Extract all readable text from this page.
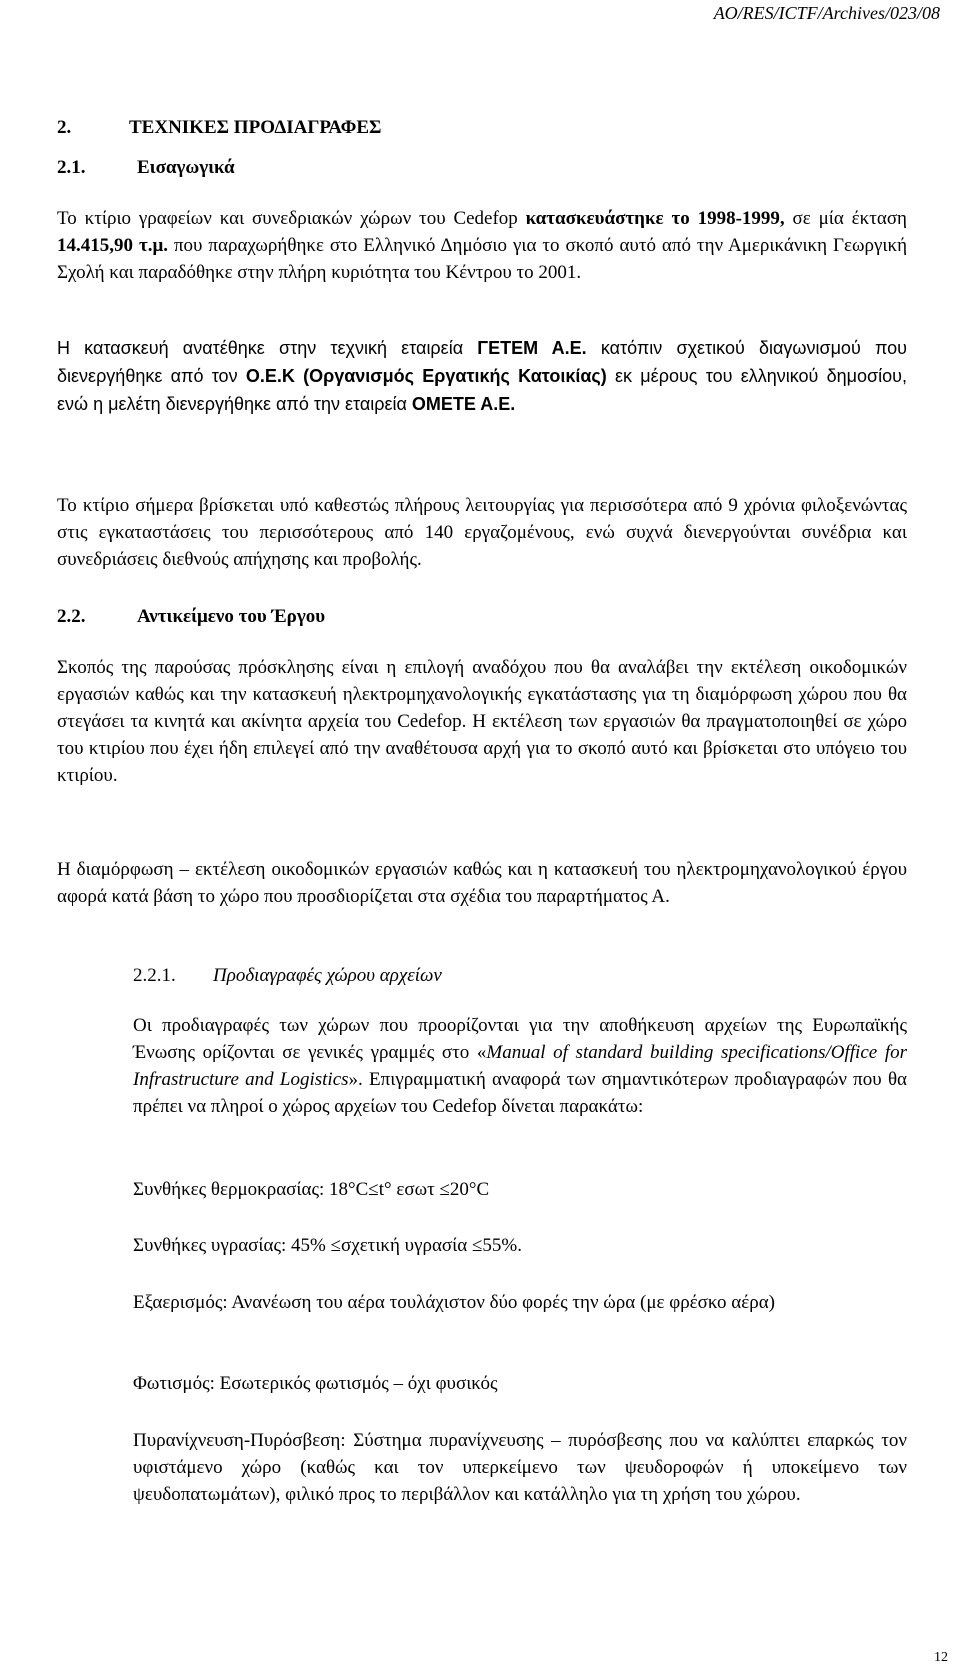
AO/RES/ICTF/Archives/023/08
2.	ΤΕΧΝΙΚΕΣ ΠΡΟΔΙΑΓΡΑΦΕΣ
2.1.	Εισαγωγικά

Το κτίριο γραφείων και συνεδριακών χώρων του Cedefop κατασκευάστηκε το 1998-1999, σε μία έκταση 14.415,90 τ.μ. που παραχωρήθηκε στο Ελληνικό Δημόσιο για το σκοπό αυτό από την Αμερικάνικη Γεωργική Σχολή και παραδόθηκε στην πλήρη κυριότητα του Κέντρου το 2001.

Η κατασκευή ανατέθηκε στην τεχνική εταιρεία ΓΕΤΕΜ Α.Ε. κατόπιν σχετικού διαγωνισμού που διενεργήθηκε από τον Ο.Ε.Κ (Οργανισμός Εργατικής Κατοικίας) εκ μέρους του ελληνικού δημοσίου, ενώ η μελέτη διενεργήθηκε από την εταιρεία ΟΜΕΤΕ Α.Ε.

Το κτίριο σήμερα βρίσκεται υπό καθεστώς πλήρους λειτουργίας για περισσότερα από 9 χρόνια φιλοξενώντας στις εγκαταστάσεις του περισσότερους από 140 εργαζομένους, ενώ συχνά διενεργούνται συνέδρια και συνεδριάσεις διεθνούς απήχησης και προβολής.

2.2.	Αντικείμενο του Έργου

Σκοπός της παρούσας πρόσκλησης είναι η επιλογή αναδόχου που θα αναλάβει την εκτέλεση οικοδομικών εργασιών καθώς και την κατασκευή ηλεκτρομηχανολογικής εγκατάστασης για τη διαμόρφωση χώρου που θα στεγάσει τα κινητά και ακίνητα αρχεία του Cedefop. Η εκτέλεση των εργασιών θα πραγματοποιηθεί σε χώρο του κτιρίου που έχει ήδη επιλεγεί από την αναθέτουσα αρχή για το σκοπό αυτό και βρίσκεται στο υπόγειο του κτιρίου.

Η διαμόρφωση – εκτέλεση οικοδομικών εργασιών καθώς και η κατασκευή του ηλεκτρομηχανολογικού έργου αφορά κατά βάση το χώρο που προσδιορίζεται στα σχέδια του παραρτήματος Α.

2.2.1. Προδιαγραφές χώρου αρχείων

Οι προδιαγραφές των χώρων που προορίζονται για την αποθήκευση αρχείων της Ευρωπαϊκής Ένωσης ορίζονται σε γενικές γραμμές στο «Manual of standard building specifications/Office for Infrastructure and Logistics». Επιγραμματική αναφορά των σημαντικότερων προδιαγραφών που θα πρέπει να πληροί ο χώρος αρχείων του Cedefop δίνεται παρακάτω:

Συνθήκες θερμοκρασίας: 18°C≤t° εσωτ ≤20°C

Συνθήκες υγρασίας: 45% ≤σχετική υγρασία ≤55%.

Εξαερισμός: Ανανέωση του αέρα τουλάχιστον δύο φορές την ώρα (με φρέσκο αέρα)

Φωτισμός: Εσωτερικός φωτισμός – όχι φυσικός

Πυρανίχνευση-Πυρόσβεση: Σύστημα πυρανίχνευσης – πυρόσβεσης που να καλύπτει επαρκώς τον υφιστάμενο χώρο (καθώς και τον υπερκείμενο των ψευδοροφών ή υποκείμενο των ψευδοπατωμάτων), φιλικό προς το περιβάλλον και κατάλληλο για τη χρήση του χώρου.

12
